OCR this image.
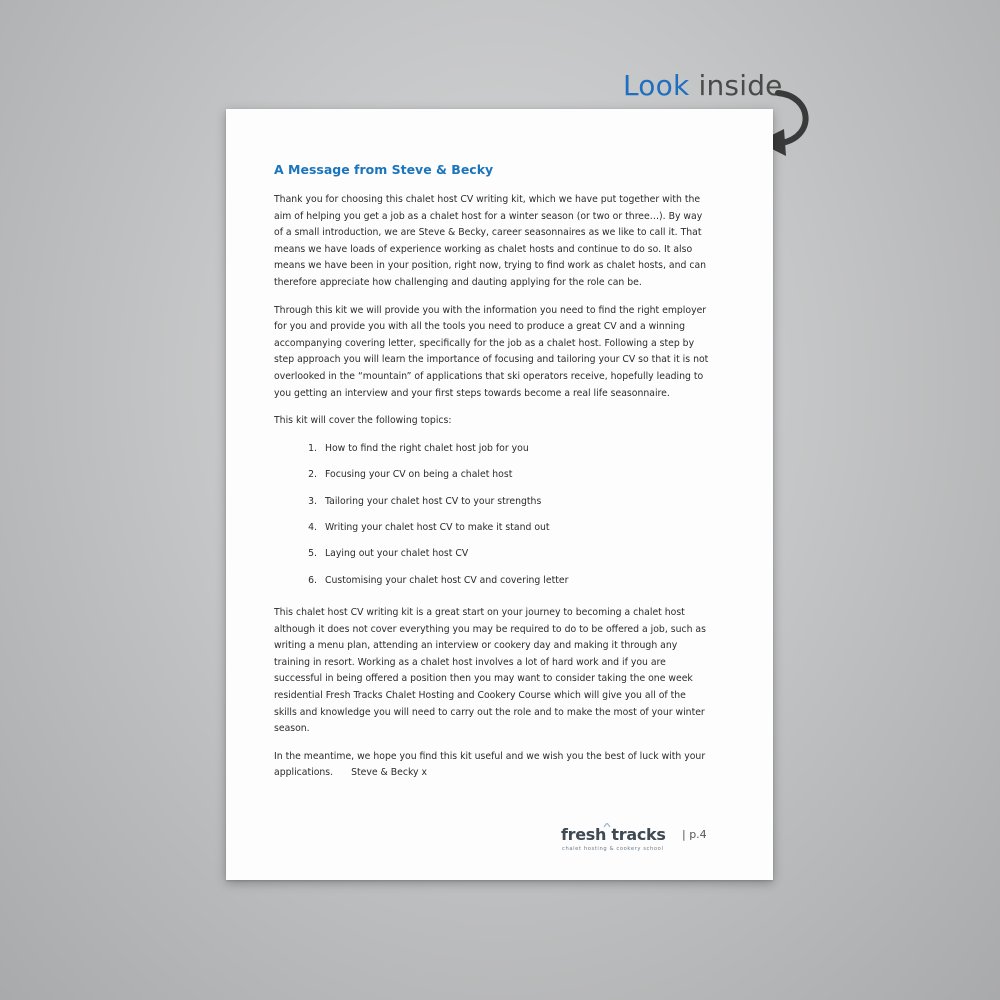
Look inside
A Message from Steve & Becky

Thank you for choosing this chalet host CV writing kit, which we have put together with the aim of helping you get a job as a chalet host for a winter season (or two or three…). By way of a small introduction, we are Steve & Becky, career seasonnaires as we like to call it. That means we have loads of experience working as chalet hosts and continue to do so. It also means we have been in your position, right now, trying to find work as chalet hosts, and can therefore appreciate how challenging and dauting applying for the role can be.

Through this kit we will provide you with the information you need to find the right employer for you and provide you with all the tools you need to produce a great CV and a winning accompanying covering letter, specifically for the job as a chalet host. Following a step by step approach you will learn the importance of focusing and tailoring your CV so that it is not overlooked in the “mountain” of applications that ski operators receive, hopefully leading to you getting an interview and your first steps towards become a real life seasonnaire.

This kit will cover the following topics:

1. How to find the right chalet host job for you
2. Focusing your CV on being a chalet host
3. Tailoring your chalet host CV to your strengths
4. Writing your chalet host CV to make it stand out
5. Laying out your chalet host CV
6. Customising your chalet host CV and covering letter

This chalet host CV writing kit is a great start on your journey to becoming a chalet host although it does not cover everything you may be required to do to be offered a job, such as writing a menu plan, attending an interview or cookery day and making it through any training in resort. Working as a chalet host involves a lot of hard work and if you are successful in being offered a position then you may want to consider taking the one week residential Fresh Tracks Chalet Hosting and Cookery Course which will give you all of the skills and knowledge you will need to carry out the role and to make the most of your winter season.

In the meantime, we hope you find this kit useful and we wish you the best of luck with your applications. Steve & Becky x

fresh tracks
chalet hosting & cookery school
| p.4
